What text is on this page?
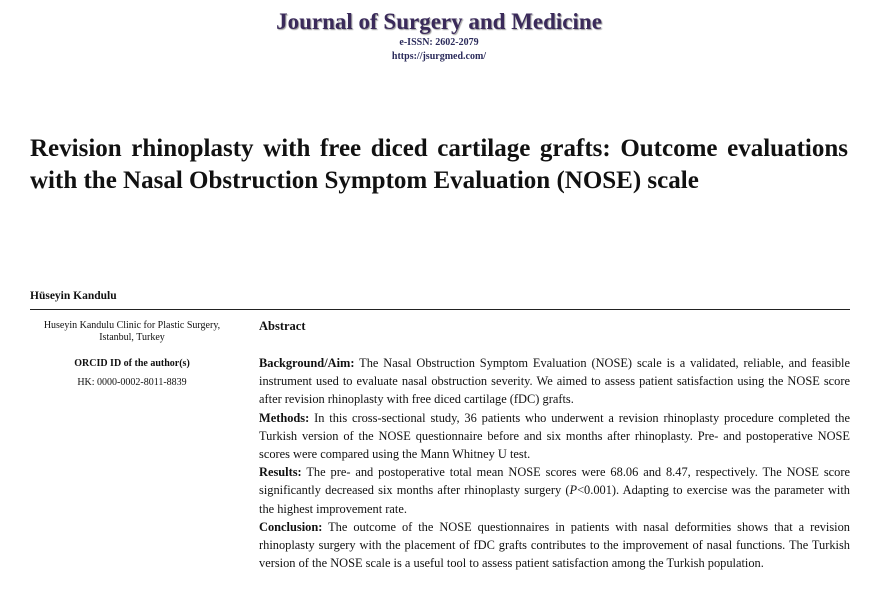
Journal of Surgery and Medicine
e-ISSN: 2602-2079
https://jsurgmed.com/
Revision rhinoplasty with free diced cartilage grafts: Outcome evaluations with the Nasal Obstruction Symptom Evaluation (NOSE) scale
Hüseyin Kandulu
Huseyin Kandulu Clinic for Plastic Surgery, Istanbul, Turkey
ORCID ID of the author(s)
HK: 0000-0002-8011-8839
Abstract

Background/Aim: The Nasal Obstruction Symptom Evaluation (NOSE) scale is a validated, reliable, and feasible instrument used to evaluate nasal obstruction severity. We aimed to assess patient satisfaction using the NOSE score after revision rhinoplasty with free diced cartilage (fDC) grafts.

Methods: In this cross-sectional study, 36 patients who underwent a revision rhinoplasty procedure completed the Turkish version of the NOSE questionnaire before and six months after rhinoplasty. Pre- and postoperative NOSE scores were compared using the Mann Whitney U test.

Results: The pre- and postoperative total mean NOSE scores were 68.06 and 8.47, respectively. The NOSE score significantly decreased six months after rhinoplasty surgery (P<0.001). Adapting to exercise was the parameter with the highest improvement rate.

Conclusion: The outcome of the NOSE questionnaires in patients with nasal deformities shows that a revision rhinoplasty surgery with the placement of fDC grafts contributes to the improvement of nasal functions. The Turkish version of the NOSE scale is a useful tool to assess patient satisfaction among the Turkish population.
